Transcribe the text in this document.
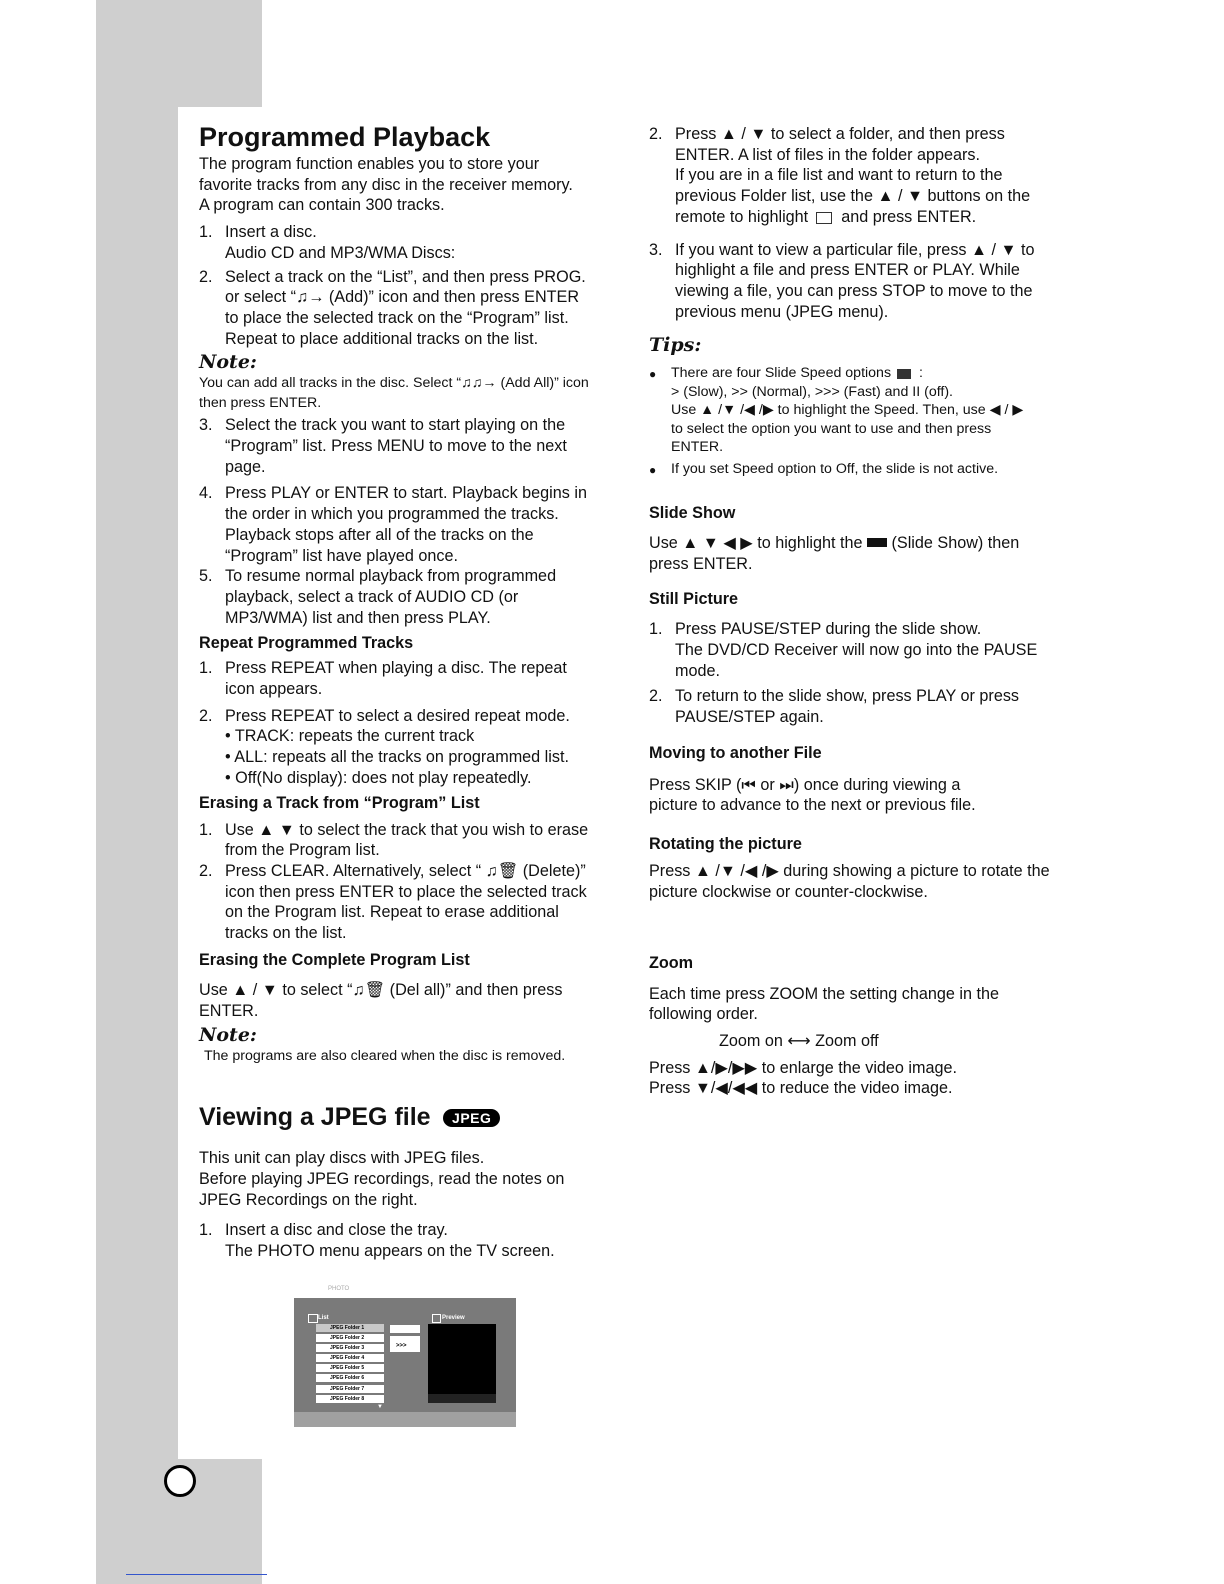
Programmed Playback

The program function enables you to store your

favorite tracks from any disc in the receiver memory.

A program can contain 300 tracks.

1. Insert a disc.

Audio CD and MP3/WMA Discs:

2. Select a track on the “List”, and then press PROG.

or select “♫→ (Add)” icon and then press ENTER

to place the selected track on the “Program” list.

Repeat to place additional tracks on the list.

Note:

You can add all tracks in the disc. Select “♫♫→ (Add All)” icon

then press ENTER.

3. Select the track you want to start playing on the

“Program” list. Press MENU to move to the next

page.

4. Press PLAY or ENTER to start. Playback begins in

the order in which you programmed the tracks.

Playback stops after all of the tracks on the

“Program” list have played once.

5. To resume normal playback from programmed

playback, select a track of AUDIO CD (or

MP3/WMA) list and then press PLAY.

Repeat Programmed Tracks
1. Press REPEAT when playing a disc. The repeat

icon appears.

2. Press REPEAT to select a desired repeat mode.

• TRACK: repeats the current track

• ALL: repeats all the tracks on programmed list.

• Off(No display): does not play repeatedly.

Erasing a Track from “Program” List
1. Use ▲ ▼ to select the track that you wish to erase

from the Program list.

2. Press CLEAR. Alternatively, select “ ♫🗑 (Delete)”

icon then press ENTER to place the selected track

on the Program list. Repeat to erase additional

tracks on the list.

Erasing the Complete Program List

Use ▲ / ▼ to select “♫🗑 (Del all)” and then press

ENTER.

Note:

The programs are also cleared when the disc is removed.

Viewing a JPEG file JPEG

This unit can play discs with JPEG files.

Before playing JPEG recordings, read the notes on

JPEG Recordings on the right.

1. Insert a disc and close the tray.

The PHOTO menu appears on the TV screen.

PHOTO
List
JPEG Folder 1
JPEG Folder 2
JPEG Folder 3
JPEG Folder 4
JPEG Folder 5
JPEG Folder 6
JPEG Folder 7
JPEG Folder 8
>>>
Preview
▼
2. Press ▲ / ▼ to select a folder, and then press

ENTER. A list of files in the folder appears.

If you are in a file list and want to return to the

previous Folder list, use the ▲ / ▼ buttons on the

remote to highlight and press ENTER.

3. If you want to view a particular file, press ▲ / ▼ to

highlight a file and press ENTER or PLAY. While

viewing a file, you can press STOP to move to the

previous menu (JPEG menu).

Tips:

●	There are four Slide Speed options :

> (Slow), >> (Normal), >>> (Fast) and II (off).

Use ▲ /▼ /◀ /▶ to highlight the Speed. Then, use ◀ / ▶

to select the option you want to use and then press

ENTER.

●	If you set Speed option to Off, the slide is not active.

Slide Show

Use ▲ ▼ ◀ ▶ to highlight the (Slide Show) then

press ENTER.

Still Picture
1. Press PAUSE/STEP during the slide show.

The DVD/CD Receiver will now go into the PAUSE

mode.

2. To return to the slide show, press PLAY or press

PAUSE/STEP again.

Moving to another File

Press SKIP (⏮ or ⏭) once during viewing a

picture to advance to the next or previous file.

Rotating the picture

Press ▲ /▼ /◀ /▶ during showing a picture to rotate the

picture clockwise or counter-clockwise.

Zoom

Each time press ZOOM the setting change in the

following order.

Zoom on ⟷ Zoom off

Press ▲/▶/▶▶ to enlarge the video image.

Press ▼/◀/◀◀ to reduce the video image.
